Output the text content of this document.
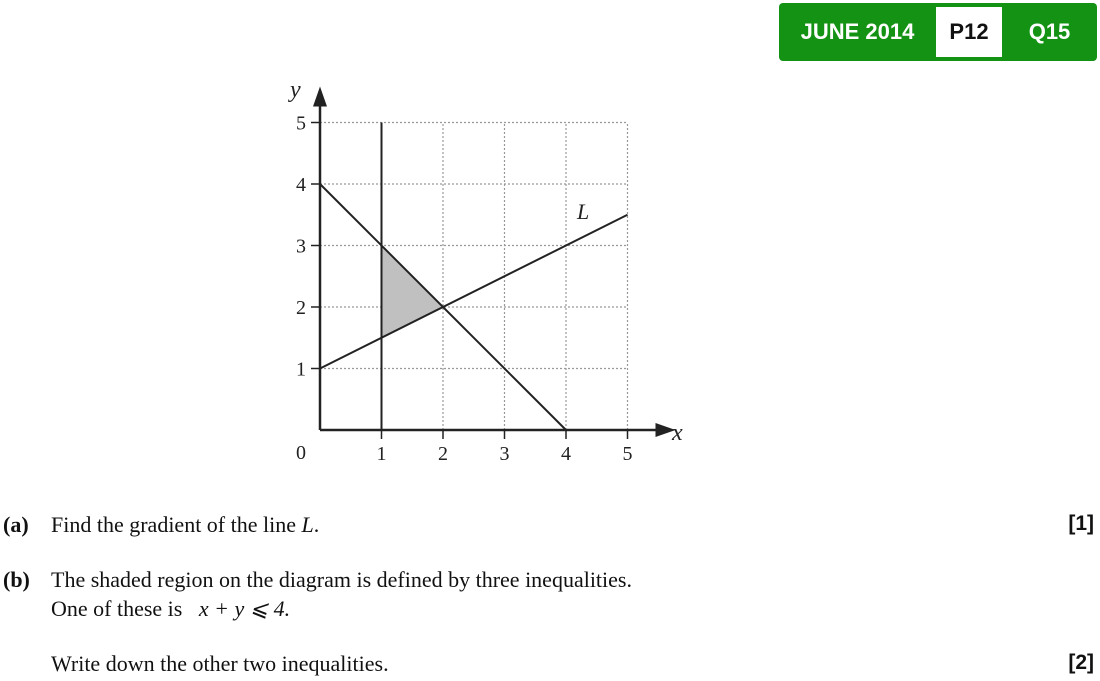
JUNE 2014	P12	Q15
1	2	3	4	5
1
2
3
4
5
x
y
0
L
(a) Find the gradient of the line L.	[1]
(b) The shaded region on the diagram is defined by three inequalities.
One of these is x + y ⩽ 4.
Write down the other two inequalities.	[2]
